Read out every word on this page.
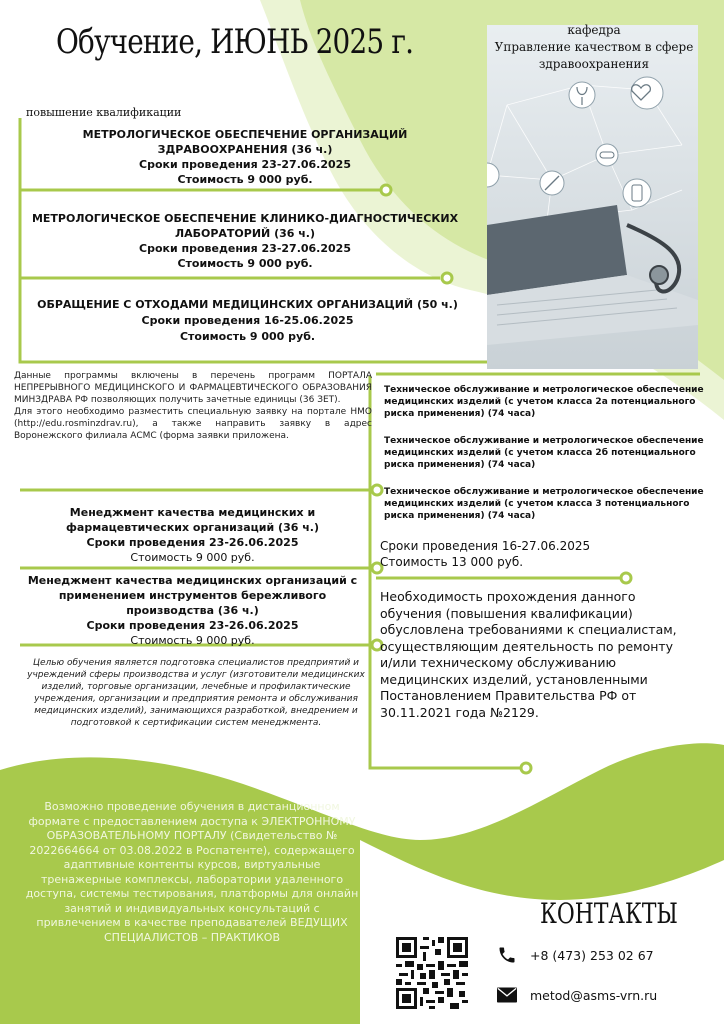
Обучение, ИЮНЬ 2025 г.	кафедра
Управление качеством в сфере здравоохранения
повышение квалификации
МЕТРОЛОГИЧЕСКОЕ ОБЕСПЕЧЕНИЕ ОРГАНИЗАЦИЙ ЗДРАВООХРАНЕНИЯ (36 ч.)
Сроки проведения 23-27.06.2025
Стоимость 9 000 руб.
МЕТРОЛОГИЧЕСКОЕ ОБЕСПЕЧЕНИЕ КЛИНИКО-ДИАГНОСТИЧЕСКИХ ЛАБОРАТОРИЙ (36 ч.)
Сроки проведения 23-27.06.2025
Стоимость 9 000 руб.
ОБРАЩЕНИЕ С ОТХОДАМИ МЕДИЦИНСКИХ ОРГАНИЗАЦИЙ (50 ч.)
Сроки проведения 16-25.06.2025
Стоимость 9 000 руб.

Данные программы включены в перечень программ ПОРТАЛА НЕПРЕРЫВНОГО МЕДИЦИНСКОГО И ФАРМАЦЕВТИЧЕСКОГО ОБРАЗОВАНИЯ МИНЗДРАВА РФ позволяющих получить зачетные единицы (36 ЗЕТ).

Для этого необходимо разместить специальную заявку на портале НМО (http://edu.rosminzdrav.ru), а также направить заявку в адрес Воронежского филиала АСМС (форма заявки приложена.

Менеджмент качества медицинских и фармацевтических организаций (36 ч.)
Сроки проведения 23-26.06.2025
Стоимость 9 000 руб.
Менеджмент качества медицинских организаций с применением инструментов бережливого производства (36 ч.)
Сроки проведения 23-26.06.2025
Стоимость 9 000 руб.
Целью обучения является подготовка специалистов предприятий и учреждений сферы производства и услуг (изготовители медицинских изделий, торговые организации, лечебные и профилактические учреждения, организации и предприятия ремонта и обслуживания медицинских изделий), занимающихся разработкой, внедрением и подготовкой к сертификации систем менеджмента.
Техническое обслуживание и метрологическое обеспечение медицинских изделий (с учетом класса 2а потенциального риска применения) (74 часа)
Техническое обслуживание и метрологическое обеспечение медицинских изделий (с учетом класса 2б потенциального риска применения) (74 часа)
Техническое обслуживание и метрологическое обеспечение медицинских изделий (с учетом класса 3 потенциального риска применения) (74 часа)
Сроки проведения 16-27.06.2025
Стоимость 13 000 руб.
Необходимость прохождения данного обучения (повышения квалификации) обусловлена требованиями к специалистам, осуществляющим деятельность по ремонту и/или техническому обслуживанию медицинских изделий, установленными Постановлением Правительства РФ от 30.11.2021 года №2129.
Возможно проведение обучения в дистанционном формате с предоставлением доступа к ЭЛЕКТРОННОМУ ОБРАЗОВАТЕЛЬНОМУ ПОРТАЛУ (Свидетельство № 2022664664 от 03.08.2022 в Роспатенте), содержащего адаптивные контенты курсов, виртуальные тренажерные комплексы, лаборатории удаленного доступа, системы тестирования, платформы для онлайн занятий и индивидуальных консультаций с привлечением в качестве преподавателей ВЕДУЩИХ СПЕЦИАЛИСТОВ – ПРАКТИКОВ
КОНТАКТЫ
+8 (473) 253 02 67
metod@asms-vrn.ru
